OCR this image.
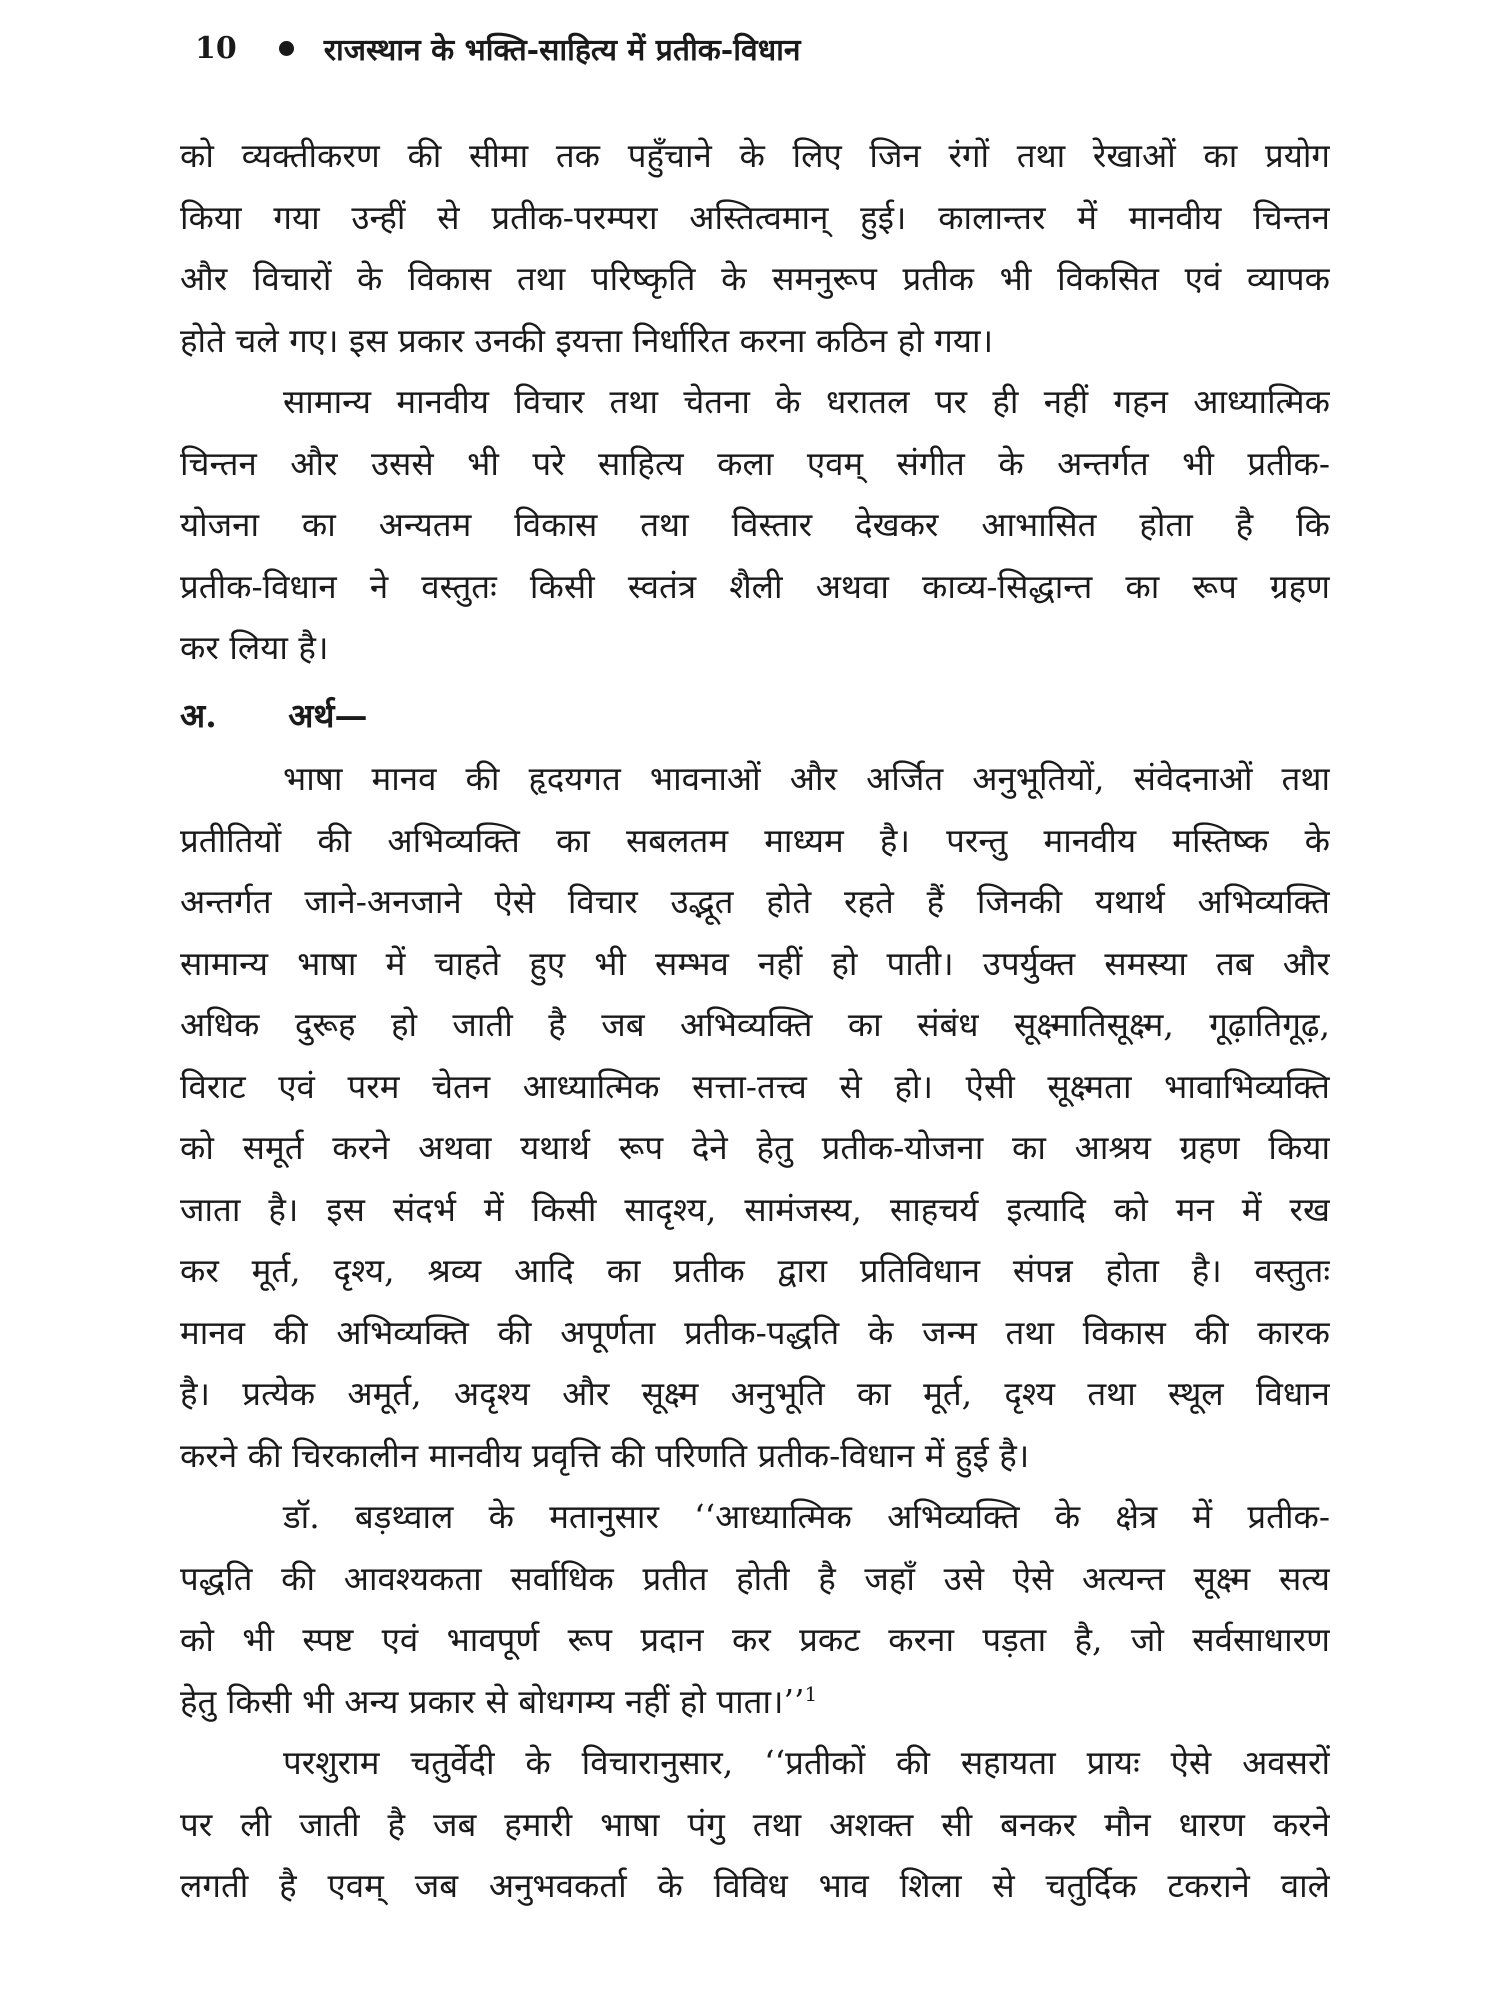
10	राजस्थान के भक्ति-साहित्य में प्रतीक-विधान
को व्यक्तीकरण की सीमा तक पहुँचाने के लिए जिन रंगों तथा रेखाओं का प्रयोग
किया गया उन्हीं से प्रतीक-परम्परा अस्तित्वमान् हुई। कालान्तर में मानवीय चिन्तन
और विचारों के विकास तथा परिष्कृति के समनुरूप प्रतीक भी विकसित एवं व्यापक
होते चले गए। इस प्रकार उनकी इयत्ता निर्धारित करना कठिन हो गया।
सामान्य मानवीय विचार तथा चेतना के धरातल पर ही नहीं गहन आध्यात्मिक
चिन्तन और उससे भी परे साहित्य कला एवम् संगीत के अन्तर्गत भी प्रतीक-
योजना का अन्यतम विकास तथा विस्तार देखकर आभासित होता है कि
प्रतीक-विधान ने वस्तुतः किसी स्वतंत्र शैली अथवा काव्य-सिद्धान्त का रूप ग्रहण
कर लिया है।
अ. अर्थ—
भाषा मानव की हृदयगत भावनाओं और अर्जित अनुभूतियों, संवेदनाओं तथा
प्रतीतियों की अभिव्यक्ति का सबलतम माध्यम है। परन्तु मानवीय मस्तिष्क के
अन्तर्गत जाने-अनजाने ऐसे विचार उद्भूत होते रहते हैं जिनकी यथार्थ अभिव्यक्ति
सामान्य भाषा में चाहते हुए भी सम्भव नहीं हो पाती। उपर्युक्त समस्या तब और
अधिक दुरूह हो जाती है जब अभिव्यक्ति का संबंध सूक्ष्मातिसूक्ष्म, गूढ़ातिगूढ़,
विराट एवं परम चेतन आध्यात्मिक सत्ता-तत्त्व से हो। ऐसी सूक्ष्मता भावाभिव्यक्ति
को समूर्त करने अथवा यथार्थ रूप देने हेतु प्रतीक-योजना का आश्रय ग्रहण किया
जाता है। इस संदर्भ में किसी सादृश्य, सामंजस्य, साहचर्य इत्यादि को मन में रख
कर मूर्त, दृश्य, श्रव्य आदि का प्रतीक द्वारा प्रतिविधान संपन्न होता है। वस्तुतः
मानव की अभिव्यक्ति की अपूर्णता प्रतीक-पद्धति के जन्म तथा विकास की कारक
है। प्रत्येक अमूर्त, अदृश्य और सूक्ष्म अनुभूति का मूर्त, दृश्य तथा स्थूल विधान
करने की चिरकालीन मानवीय प्रवृत्ति की परिणति प्रतीक-विधान में हुई है।
डॉ. बड़थ्वाल के मतानुसार ‘‘आध्यात्मिक अभिव्यक्ति के क्षेत्र में प्रतीक-
पद्धति की आवश्यकता सर्वाधिक प्रतीत होती है जहाँ उसे ऐसे अत्यन्त सूक्ष्म सत्य
को भी स्पष्ट एवं भावपूर्ण रूप प्रदान कर प्रकट करना पड़ता है, जो सर्वसाधारण
हेतु किसी भी अन्य प्रकार से बोधगम्य नहीं हो पाता।’’$^1$
परशुराम चतुर्वेदी के विचारानुसार, ‘‘प्रतीकों की सहायता प्रायः ऐसे अवसरों
पर ली जाती है जब हमारी भाषा पंगु तथा अशक्त सी बनकर मौन धारण करने
लगती है एवम् जब अनुभवकर्ता के विविध भाव शिला से चतुर्दिक टकराने वाले
